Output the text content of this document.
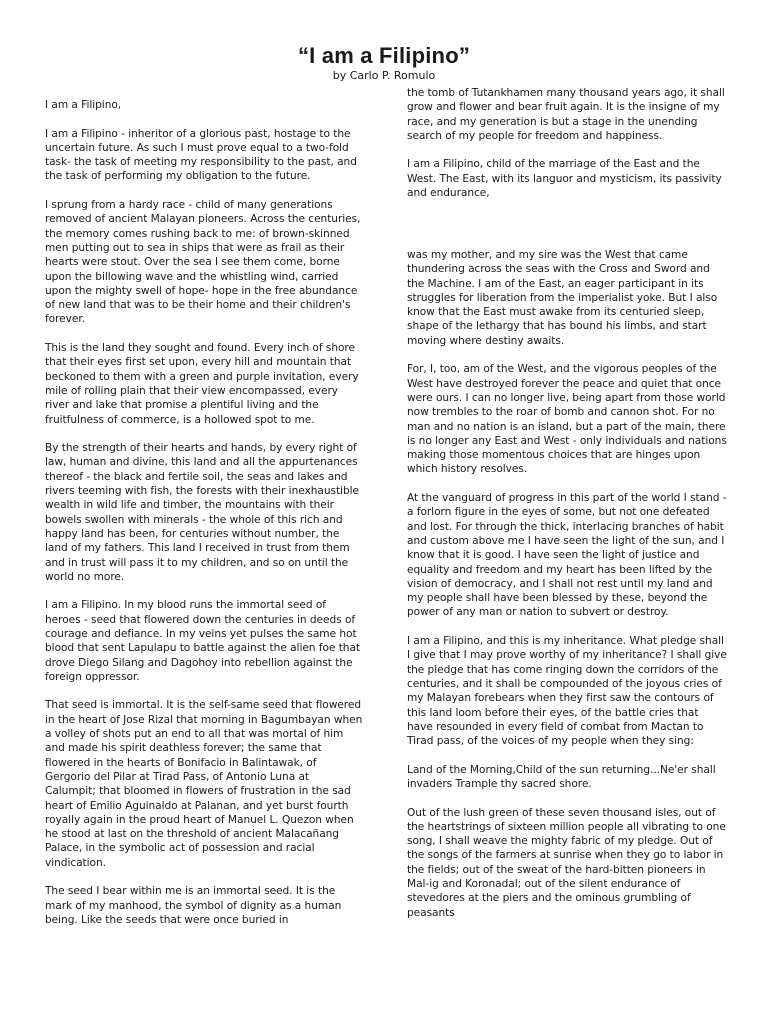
“I am a Filipino”
by Carlo P. Romulo

I am a Filipino,

I am a Filipino - inheritor of a glorious past, hostage to the uncertain future. As such I must prove equal to a two-fold task- the task of meeting my responsibility to the past, and the task of performing my obligation to the future.

I sprung from a hardy race - child of many generations removed of ancient Malayan pioneers. Across the centuries, the memory comes rushing back to me: of brown-skinned men putting out to sea in ships that were as frail as their hearts were stout. Over the sea I see them come, borne upon the billowing wave and the whistling wind, carried upon the mighty swell of hope- hope in the free abundance of new land that was to be their home and their children's forever.

This is the land they sought and found. Every inch of shore that their eyes first set upon, every hill and mountain that beckoned to them with a green and purple invitation, every mile of rolling plain that their view encompassed, every river and lake that promise a plentiful living and the fruitfulness of commerce, is a hollowed spot to me.

By the strength of their hearts and hands, by every right of law, human and divine, this land and all the appurtenances thereof - the black and fertile soil, the seas and lakes and rivers teeming with fish, the forests with their inexhaustible wealth in wild life and timber, the mountains with their bowels swollen with minerals - the whole of this rich and happy land has been, for centuries without number, the land of my fathers. This land I received in trust from them and in trust will pass it to my children, and so on until the world no more.

I am a Filipino. In my blood runs the immortal seed of heroes - seed that flowered down the centuries in deeds of courage and defiance. In my veins yet pulses the same hot blood that sent Lapulapu to battle against the alien foe that drove Diego Silang and Dagohoy into rebellion against the foreign oppressor.

That seed is immortal. It is the self-same seed that flowered in the heart of Jose Rizal that morning in Bagumbayan when a volley of shots put an end to all that was mortal of him and made his spirit deathless forever; the same that flowered in the hearts of Bonifacio in Balintawak, of Gergorio del Pilar at Tirad Pass, of Antonio Luna at Calumpit; that bloomed in flowers of frustration in the sad heart of Emilio Aguinaldo at Palanan, and yet burst fourth royally again in the proud heart of Manuel L. Quezon when he stood at last on the threshold of ancient Malacañang Palace, in the symbolic act of possession and racial vindication.

The seed I bear within me is an immortal seed. It is the mark of my manhood, the symbol of dignity as a human being. Like the seeds that were once buried in

the tomb of Tutankhamen many thousand years ago, it shall grow and flower and bear fruit again. It is the insigne of my race, and my generation is but a stage in the unending search of my people for freedom and happiness.

I am a Filipino, child of the marriage of the East and the West. The East, with its languor and mysticism, its passivity and endurance,

was my mother, and my sire was the West that came thundering across the seas with the Cross and Sword and the Machine. I am of the East, an eager participant in its struggles for liberation from the imperialist yoke. But I also know that the East must awake from its centuried sleep, shape of the lethargy that has bound his limbs, and start moving where destiny awaits.

For, I, too, am of the West, and the vigorous peoples of the West have destroyed forever the peace and quiet that once were ours. I can no longer live, being apart from those world now trembles to the roar of bomb and cannon shot. For no man and no nation is an island, but a part of the main, there is no longer any East and West - only individuals and nations making those momentous choices that are hinges upon which history resolves.

At the vanguard of progress in this part of the world I stand - a forlorn figure in the eyes of some, but not one defeated and lost. For through the thick, interlacing branches of habit and custom above me I have seen the light of the sun, and I know that it is good. I have seen the light of justice and equality and freedom and my heart has been lifted by the vision of democracy, and I shall not rest until my land and my people shall have been blessed by these, beyond the power of any man or nation to subvert or destroy.

I am a Filipino, and this is my inheritance. What pledge shall I give that I may prove worthy of my inheritance? I shall give the pledge that has come ringing down the corridors of the centuries, and it shall be compounded of the joyous cries of my Malayan forebears when they first saw the contours of this land loom before their eyes, of the battle cries that have resounded in every field of combat from Mactan to Tirad pass, of the voices of my people when they sing:

Land of the Morning,Child of the sun returning...Ne'er shall invaders Trample thy sacred shore.

Out of the lush green of these seven thousand isles, out of the heartstrings of sixteen million people all vibrating to one song, I shall weave the mighty fabric of my pledge. Out of the songs of the farmers at sunrise when they go to labor in the fields; out of the sweat of the hard-bitten pioneers in Mal-ig and Koronadal; out of the silent endurance of stevedores at the piers and the ominous grumbling of peasants
